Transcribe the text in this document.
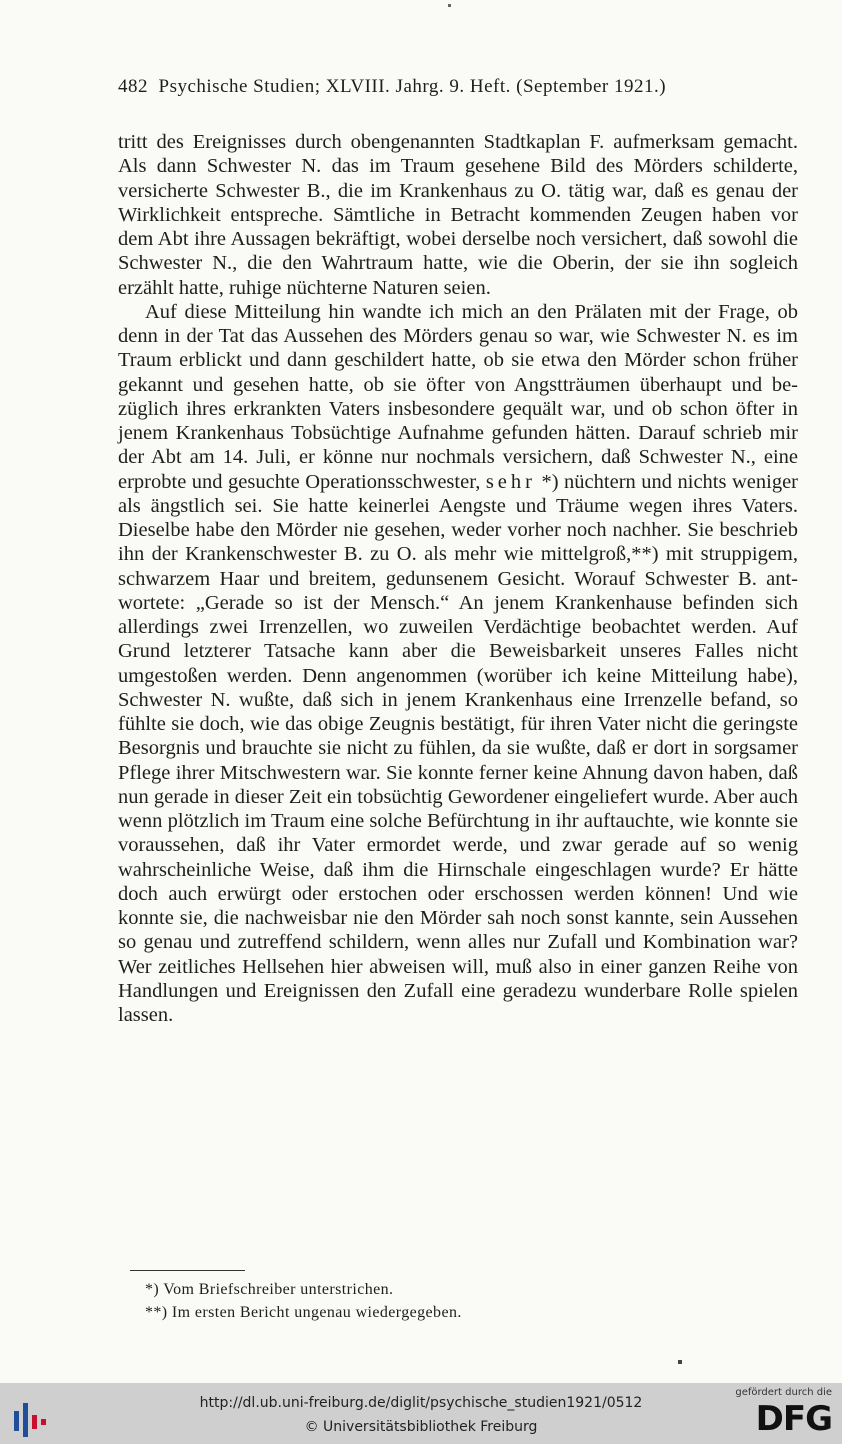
482 Psychische Studien; XLVIII. Jahrg. 9. Heft. (September 1921.)

tritt des Ereignisses durch obengenannten Stadtkaplan F. aufmerksam gemacht. Als dann Schwester N. das im Traum gesehene Bild des Mörders schilderte, versicherte Schwester B., die im Krankenhaus zu O. tätig war, daß es genau der Wirklichkeit entspreche. Sämtliche in Betracht kommenden Zeugen haben vor dem Abt ihre Aussagen bekräftigt, wobei derselbe noch versichert, daß sowohl die Schwester N., die den Wahrtraum hatte, wie die Oberin, der sie ihn sogleich erzählt hatte, ruhige nüchterne Naturen seien.

Auf diese Mitteilung hin wandte ich mich an den Prälaten mit der Frage, ob denn in der Tat das Aussehen des Mörders genau so war, wie Schwester N. es im Traum erblickt und dann geschildert hatte, ob sie etwa den Mörder schon früher gekannt und gesehen hatte, ob sie öfter von Angstträumen überhaupt und bezüglich ihres erkrankten Vaters insbesondere gequält war, und ob schon öfter in jenem Krankenhaus Tobsüchtige Aufnahme gefunden hätten. Darauf schrieb mir der Abt am 14. Juli, er könne nur nochmals versichern, daß Schwester N., eine erprobte und gesuchte Operationsschwester, sehr *) nüchtern und nichts weniger als ängstlich sei. Sie hatte keinerlei Aengste und Träume wegen ihres Vaters. Dieselbe habe den Mörder nie gesehen, weder vorher noch nachher. Sie beschrieb ihn der Krankenschwester B. zu O. als mehr wie mittelgroß,**) mit struppigem, schwarzem Haar und breitem, gedunsenem Gesicht. Worauf Schwester B. antwortete: „Gerade so ist der Mensch.“ An jenem Krankenhause befinden sich allerdings zwei Irrenzellen, wo zuweilen Verdächtige beobachtet werden. Auf Grund letzterer Tatsache kann aber die Beweisbarkeit unseres Falles nicht umgestoßen werden. Denn angenommen (worüber ich keine Mitteilung habe), Schwester N. wußte, daß sich in jenem Krankenhaus eine Irrenzelle befand, so fühlte sie doch, wie das obige Zeugnis bestätigt, für ihren Vater nicht die geringste Besorgnis und brauchte sie nicht zu fühlen, da sie wußte, daß er dort in sorgsamer Pflege ihrer Mitschwestern war. Sie konnte ferner keine Ahnung davon haben, daß nun gerade in dieser Zeit ein tobsüchtig Gewordener eingeliefert wurde. Aber auch wenn plötzlich im Traum eine solche Befürchtung in ihr auftauchte, wie konnte sie voraussehen, daß ihr Vater ermordet werde, und zwar gerade auf so wenig wahrscheinliche Weise, daß ihm die Hirnschale eingeschlagen wurde? Er hätte doch auch erwürgt oder erstochen oder erschossen werden können! Und wie konnte sie, die nachweisbar nie den Mörder sah noch sonst kannte, sein Aussehen so genau und zutreffend schildern, wenn alles nur Zufall und Kombination war? Wer zeitliches Hellsehen hier abweisen will, muß also in einer ganzen Reihe von Handlungen und Ereignissen den Zufall eine geradezu wunderbare Rolle spielen lassen.

*) Vom Briefschreiber unterstrichen.
**) Im ersten Bericht ungenau wiedergegeben.
http://dl.ub.uni-freiburg.de/diglit/psychische_studien1921/0512
© Universitätsbibliothek Freiburg
gefördert durch die
DFG
